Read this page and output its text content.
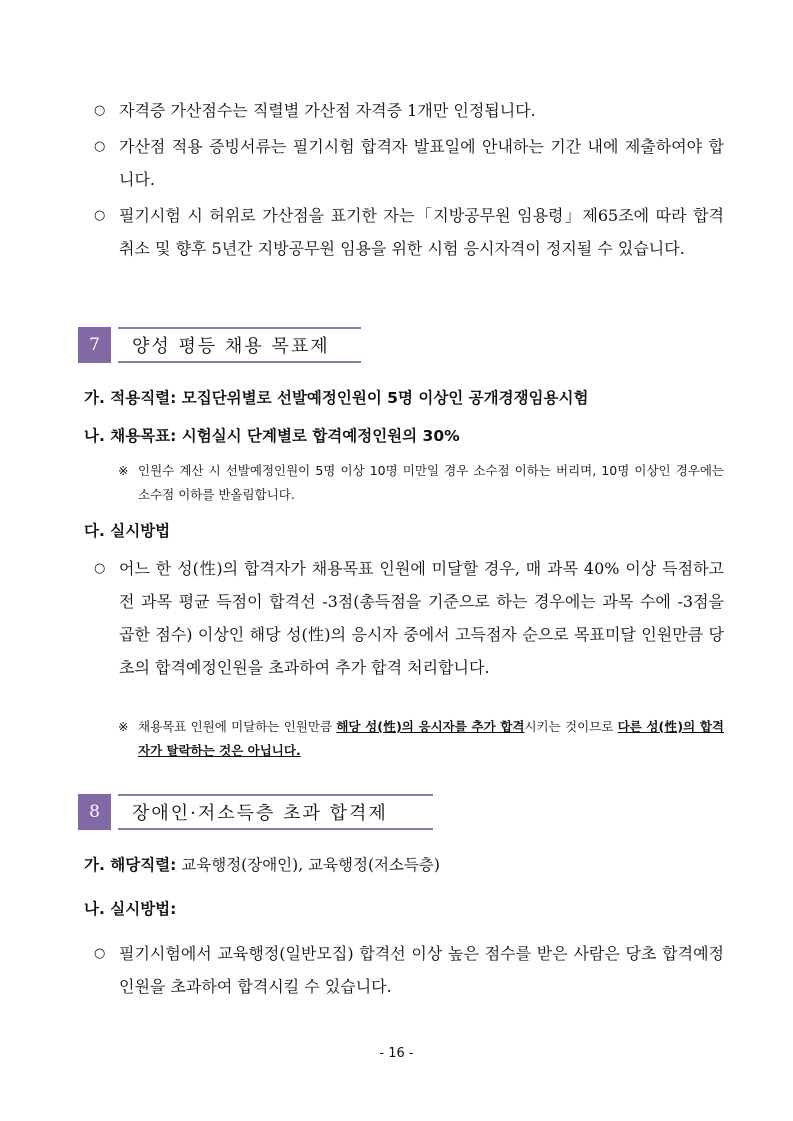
○ 자격증 가산점수는 직렬별 가산점 자격증 1개만 인정됩니다.
○ 가산점 적용 증빙서류는 필기시험 합격자 발표일에 안내하는 기간 내에 제출하여야 합니다.
○ 필기시험 시 허위로 가산점을 표기한 자는「지방공무원 임용령」제65조에 따라 합격 취소 및 향후 5년간 지방공무원 임용을 위한 시험 응시자격이 정지될 수 있습니다.
7	양성 평등 채용 목표제
가. 적용직렬: 모집단위별로 선발예정인원이 5명 이상인 공개경쟁임용시험
나. 채용목표: 시험실시 단계별로 합격예정인원의 30%
※ 인원수 계산 시 선발예정인원이 5명 이상 10명 미만일 경우 소수점 이하는 버리며, 10명 이상인 경우에는 소수점 이하를 반올림합니다.
다. 실시방법
○ 어느 한 성(性)의 합격자가 채용목표 인원에 미달할 경우, 매 과목 40% 이상 득점하고 전 과목 평균 득점이 합격선 -3점(총득점을 기준으로 하는 경우에는 과목 수에 -3점을 곱한 점수) 이상인 해당 성(性)의 응시자 중에서 고득점자 순으로 목표미달 인원만큼 당초의 합격예정인원을 초과하여 추가 합격 처리합니다.
※ 채용목표 인원에 미달하는 인원만큼 해당 성(性)의 응시자를 추가 합격시키는 것이므로 다른 성(性)의 합격자가 탈락하는 것은 아닙니다.
8	장애인·저소득층 초과 합격제
가. 해당직렬: 교육행정(장애인), 교육행정(저소득층)
나. 실시방법:
○ 필기시험에서 교육행정(일반모집) 합격선 이상 높은 점수를 받은 사람은 당초 합격예정인원을 초과하여 합격시킬 수 있습니다.
- 16 -
